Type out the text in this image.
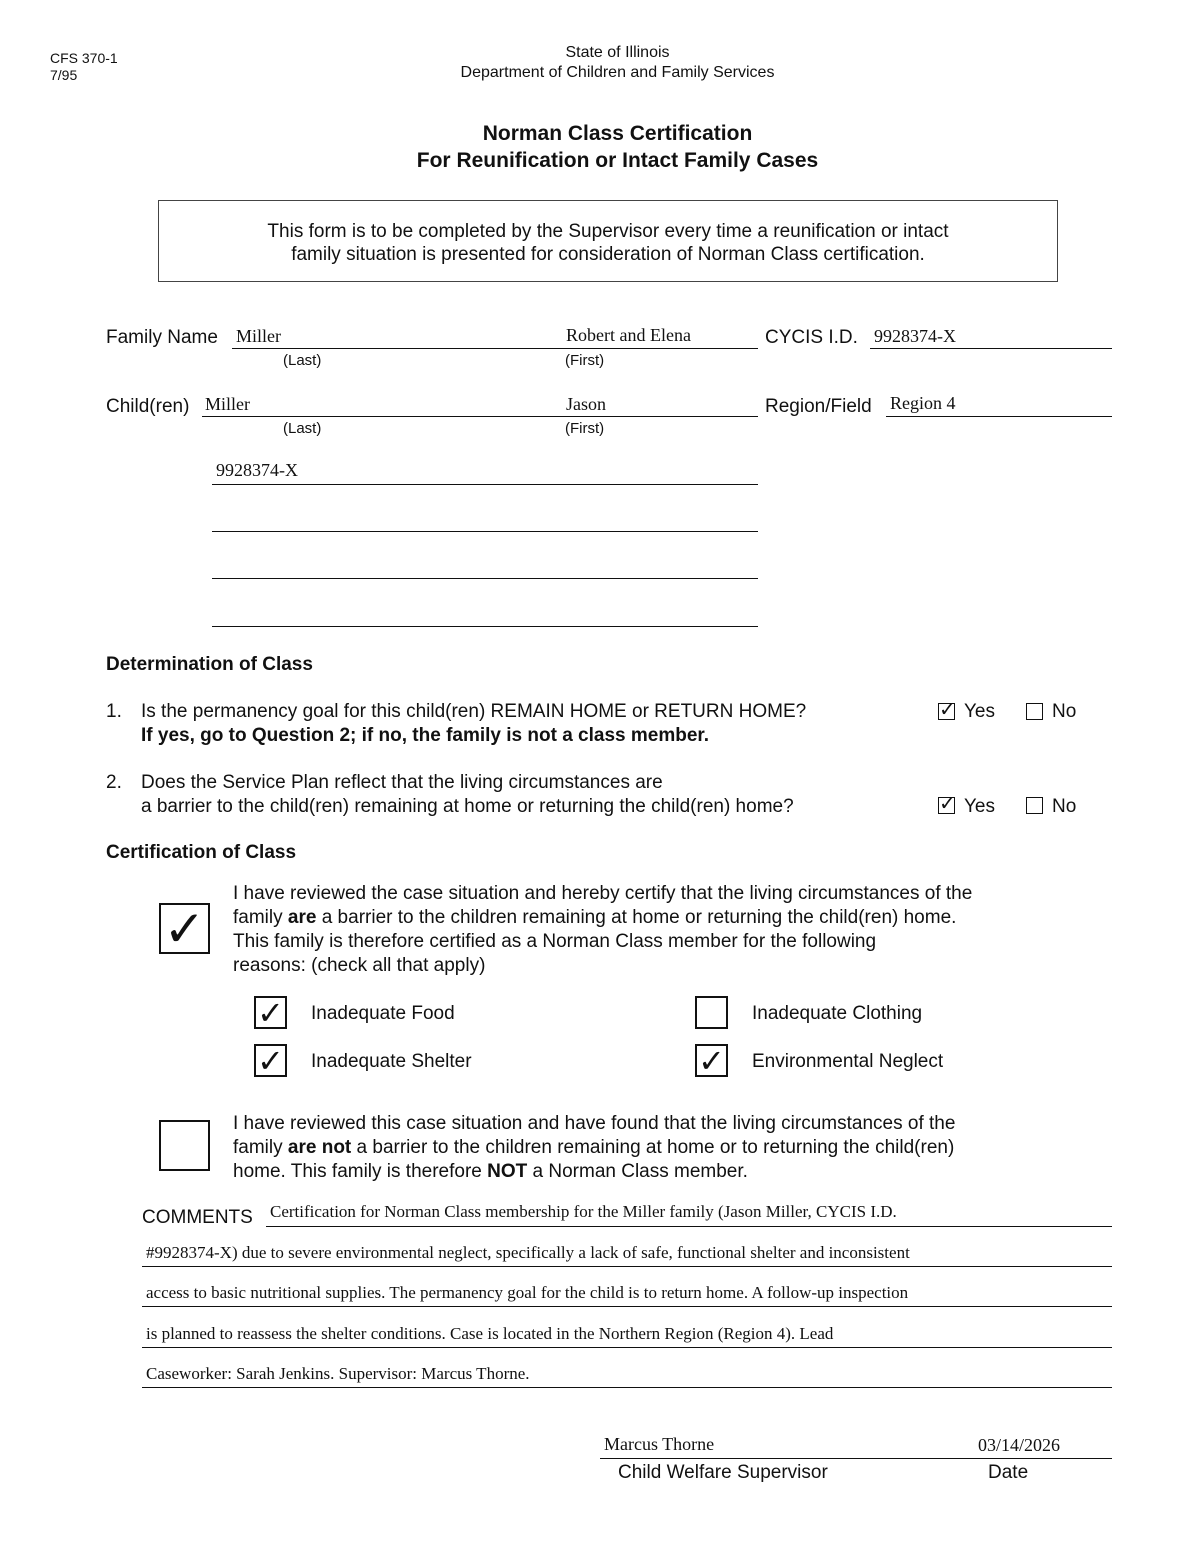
CFS 370-1
7/95
State of Illinois
Department of Children and Family Services
Norman Class Certification
For Reunification or Intact Family Cases
This form is to be completed by the Supervisor every time a reunification or intact
family situation is presented for consideration of Norman Class certification.
Family Name Miller	Robert and Elena
(Last)	(First)
CYCIS I.D. 9928374-X
Child(ren) Miller	Jason
(Last)	(First)
Region/Field Region 4
9928374-X
Determination of Class
1. Is the permanency goal for this child(ren) REMAIN HOME or RETURN HOME?
If yes, go to Question 2; if no, the family is not a class member.
✓ Yes	No
2. Does the Service Plan reflect that the living circumstances are
a barrier to the child(ren) remaining at home or returning the child(ren) home?	✓ Yes	No
Certification of Class
✓
I have reviewed the case situation and hereby certify that the living circumstances of the
family are a barrier to the children remaining at home or returning the child(ren) home.
This family is therefore certified as a Norman Class member for the following
reasons: (check all that apply)
✓ Inadequate Food	Inadequate Clothing
✓ Inadequate Shelter	✓ Environmental Neglect
I have reviewed this case situation and have found that the living circumstances of the
family are not a barrier to the children remaining at home or to returning the child(ren)
home. This family is therefore NOT a Norman Class member.
COMMENTS Certification for Norman Class membership for the Miller family (Jason Miller, CYCIS I.D.
#9928374-X) due to severe environmental neglect, specifically a lack of safe, functional shelter and inconsistent
access to basic nutritional supplies. The permanency goal for the child is to return home. A follow-up inspection
is planned to reassess the shelter conditions. Case is located in the Northern Region (Region 4). Lead
Caseworker: Sarah Jenkins. Supervisor: Marcus Thorne.
Marcus Thorne	03/14/2026
Child Welfare Supervisor	Date
